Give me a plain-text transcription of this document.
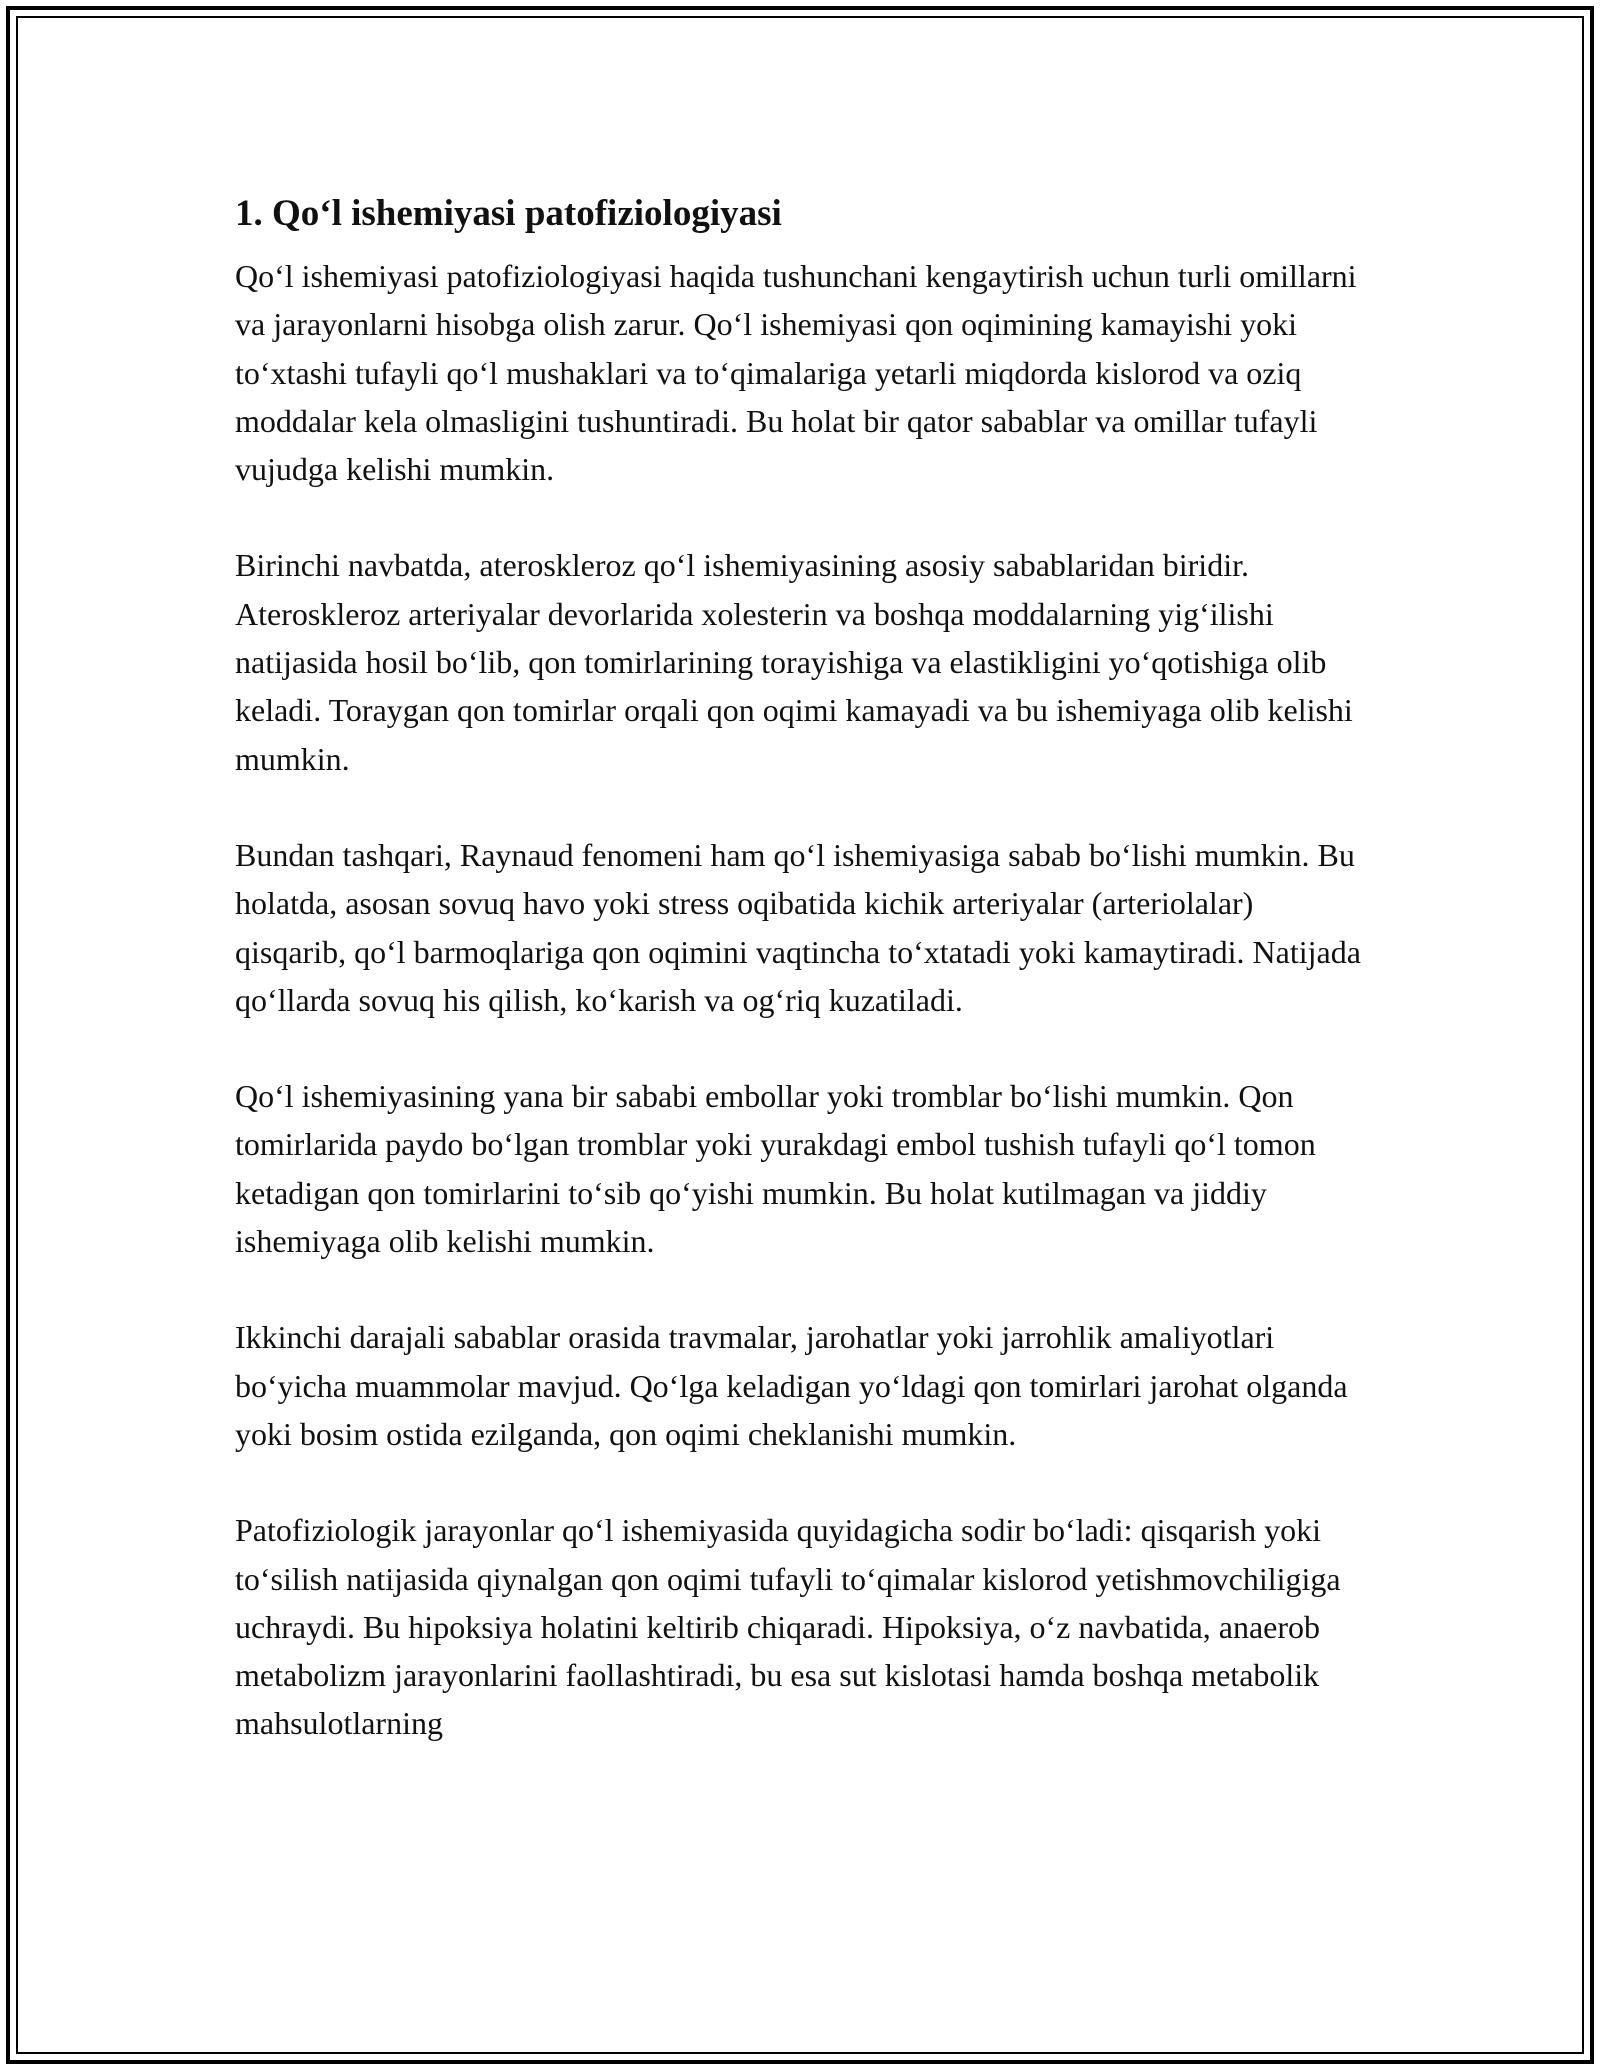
1. Qo‘l ishemiyasi patofiziologiyasi

Qo‘l ishemiyasi patofiziologiyasi haqida tushunchani kengaytirish uchun turli omillarni va jarayonlarni hisobga olish zarur. Qo‘l ishemiyasi qon oqimining kamayishi yoki to‘xtashi tufayli qo‘l mushaklari va to‘qimalariga yetarli miqdorda kislorod va oziq moddalar kela olmasligini tushuntiradi. Bu holat bir qator sabablar va omillar tufayli vujudga kelishi mumkin.

Birinchi navbatda, ateroskleroz qo‘l ishemiyasining asosiy sabablaridan biridir. Ateroskleroz arteriyalar devorlarida xolesterin va boshqa moddalarning yig‘ilishi natijasida hosil bo‘lib, qon tomirlarining torayishiga va elastikligini yo‘qotishiga olib keladi. Toraygan qon tomirlar orqali qon oqimi kamayadi va bu ishemiyaga olib kelishi mumkin.

Bundan tashqari, Raynaud fenomeni ham qo‘l ishemiyasiga sabab bo‘lishi mumkin. Bu holatda, asosan sovuq havo yoki stress oqibatida kichik arteriyalar (arteriolalar) qisqarib, qo‘l barmoqlariga qon oqimini vaqtincha to‘xtatadi yoki kamaytiradi. Natijada qo‘llarda sovuq his qilish, ko‘karish va og‘riq kuzatiladi.

Qo‘l ishemiyasining yana bir sababi embollar yoki tromblar bo‘lishi mumkin. Qon tomirlarida paydo bo‘lgan tromblar yoki yurakdagi embol tushish tufayli qo‘l tomon ketadigan qon tomirlarini to‘sib qo‘yishi mumkin. Bu holat kutilmagan va jiddiy ishemiyaga olib kelishi mumkin.

Ikkinchi darajali sabablar orasida travmalar, jarohatlar yoki jarrohlik amaliyotlari bo‘yicha muammolar mavjud. Qo‘lga keladigan yo‘ldagi qon tomirlari jarohat olganda yoki bosim ostida ezilganda, qon oqimi cheklanishi mumkin.

Patofiziologik jarayonlar qo‘l ishemiyasida quyidagicha sodir bo‘ladi: qisqarish yoki to‘silish natijasida qiynalgan qon oqimi tufayli to‘qimalar kislorod yetishmovchiligiga uchraydi. Bu hipoksiya holatini keltirib chiqaradi. Hipoksiya, o‘z navbatida, anaerob metabolizm jarayonlarini faollashtiradi, bu esa sut kislotasi hamda boshqa metabolik mahsulotlarning
